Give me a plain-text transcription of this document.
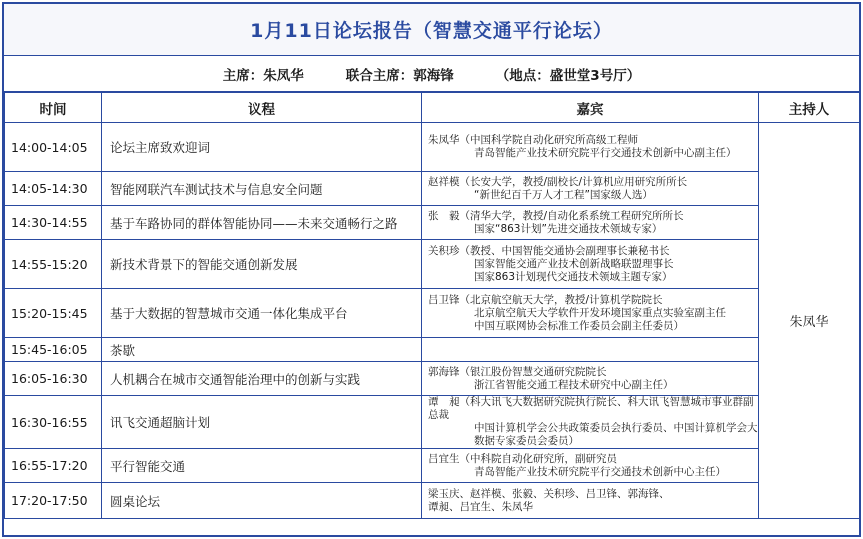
1月11日论坛报告（智慧交通平行论坛）
主席：朱凤华	联合主席：郭海锋	（地点：盛世堂3号厅）
时间	议程	嘉宾	主持人
14:00-14:05	论坛主席致欢迎词	朱凤华（中国科学院自动化研究所高级工程师
青岛智能产业技术研究院平行交通技术创新中心副主任）	朱凤华
14:05-14:30	智能网联汽车测试技术与信息安全问题	赵祥模（长安大学，教授/副校长/计算机应用研究所所长
“新世纪百千万人才工程”国家级人选）	

14:30-14:55	基于车路协同的群体智能协同——未来交通畅行之路	张　毅（清华大学，教授/自动化系系统工程研究所所长
国家“863计划”先进交通技术领域专家）	

14:55-15:20	新技术背景下的智能交通创新发展	关积珍（教授、中国智能交通协会副理事长兼秘书长
国家智能交通产业技术创新战略联盟理事长
国家863计划现代交通技术领域主题专家）	

15:20-15:45	基于大数据的智慧城市交通一体化集成平台	吕卫锋（北京航空航天大学，教授/计算机学院院长
北京航空航天大学软件开发环境国家重点实验室副主任
中国互联网协会标准工作委员会副主任委员）	

15:45-16:05	茶歇		
16:05-16:30	人机耦合在城市交通智能治理中的创新与实践	郭海锋（银江股份智慧交通研究院院长
浙江省智能交通工程技术研究中心副主任）	

16:30-16:55	讯飞交通超脑计划	谭　昶（科大讯飞大数据研究院执行院长、科大讯飞智慧城市事业群副总裁
中国计算机学会公共政策委员会执行委员、中国计算机学会大数据专家委员会委员）	

16:55-17:20	平行智能交通	吕宜生（中科院自动化研究所，副研究员
青岛智能产业技术研究院平行交通技术创新中心主任）	

17:20-17:50	圆桌论坛	梁玉庆、赵祥模、张毅、关积珍、吕卫锋、郭海锋、
谭昶、吕宜生、朱凤华	
